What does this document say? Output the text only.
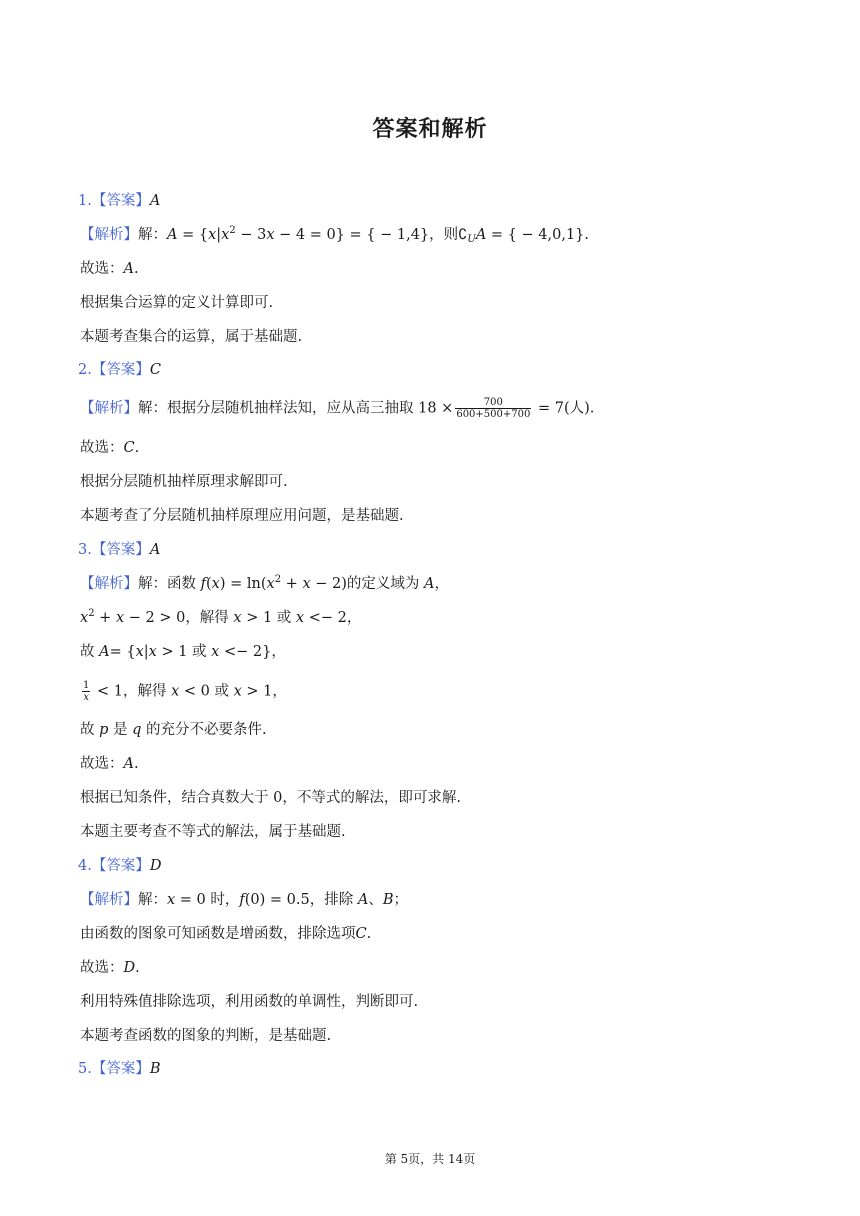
答案和解析
1.【答案】A
【解析】解：$A = \{x|x^2 - 3x - 4 = 0\}$ = { − 1,4}，则$∁_UA$ = { − 4,0,1}.
故选：A.
根据集合运算的定义计算即可.
本题考查集合的运算，属于基础题.
2.【答案】C
【解析】解：根据分层随机抽样法知，应从高三抽取 $18 \times \frac{700}{600+500+700} = 7$(人).
故选：C.
根据分层随机抽样原理求解即可.
本题考查了分层随机抽样原理应用问题，是基础题.
3.【答案】A
【解析】解：函数 $f(x) = \ln(x^2 + x - 2)$的定义域为 A，
$x^2 + x - 2 > 0$，解得 x > 1 或 x <− 2，
故 A= {x|x > 1 或 x <− 2}，
$\frac{1}{x} < 1$，解得 x < 0 或 x > 1，
故 p 是 q 的充分不必要条件.
故选：A.
根据已知条件，结合真数大于 0，不等式的解法，即可求解.
本题主要考查不等式的解法，属于基础题.
4.【答案】D
【解析】解：x = 0 时，f(0) = 0.5，排除 A、B；
由函数的图象可知函数是增函数，排除选项C.
故选：D.
利用特殊值排除选项，利用函数的单调性，判断即可.
本题考查函数的图象的判断，是基础题.
5.【答案】B
第 5页，共 14页
